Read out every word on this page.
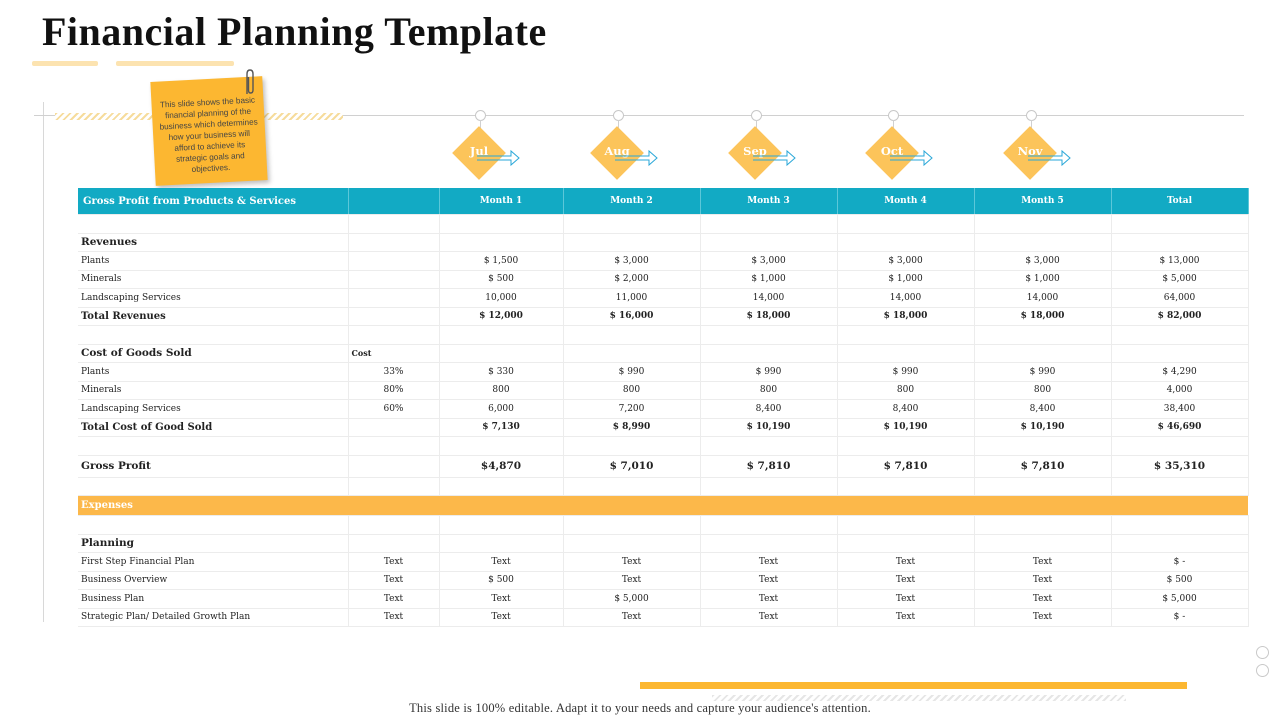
Financial Planning Template
This slide shows the basic financial planning of the business which determines how your business will afford to achieve its strategic goals and objectives.
Jul	Aug	Sep	Oct	Nov
Gross Profit from Products & Services		Month 1	Month 2	Month 3	Month 4	Month 5	Total

Revenues							
Plants		$ 1,500	$ 3,000	$ 3,000	$ 3,000	$ 3,000	$ 13,000
Minerals		$ 500	$ 2,000	$ 1,000	$ 1,000	$ 1,000	$ 5,000
Landscaping Services		10,000	11,000	14,000	14,000	14,000	64,000
Total Revenues		$ 12,000	$ 16,000	$ 18,000	$ 18,000	$ 18,000	$ 82,000

Cost of Goods Sold	Cost						
Plants	33%	$ 330	$ 990	$ 990	$ 990	$ 990	$ 4,290
Minerals	80%	800	800	800	800	800	4,000
Landscaping Services	60%	6,000	7,200	8,400	8,400	8,400	38,400
Total Cost of Good Sold		$ 7,130	$ 8,990	$ 10,190	$ 10,190	$ 10,190	$ 46,690

Gross Profit		$4,870	$ 7,010	$ 7,810	$ 7,810	$ 7,810	$ 35,310

Expenses							

Planning							
First Step Financial Plan	Text	Text	Text	Text	Text	Text	$ -
Business Overview	Text	$ 500	Text	Text	Text	Text	$ 500
Business Plan	Text	Text	$ 5,000	Text	Text	Text	$ 5,000
Strategic Plan/ Detailed Growth Plan	Text	Text	Text	Text	Text	Text	$ -
This slide is 100% editable. Adapt it to your needs and capture your audience's attention.
